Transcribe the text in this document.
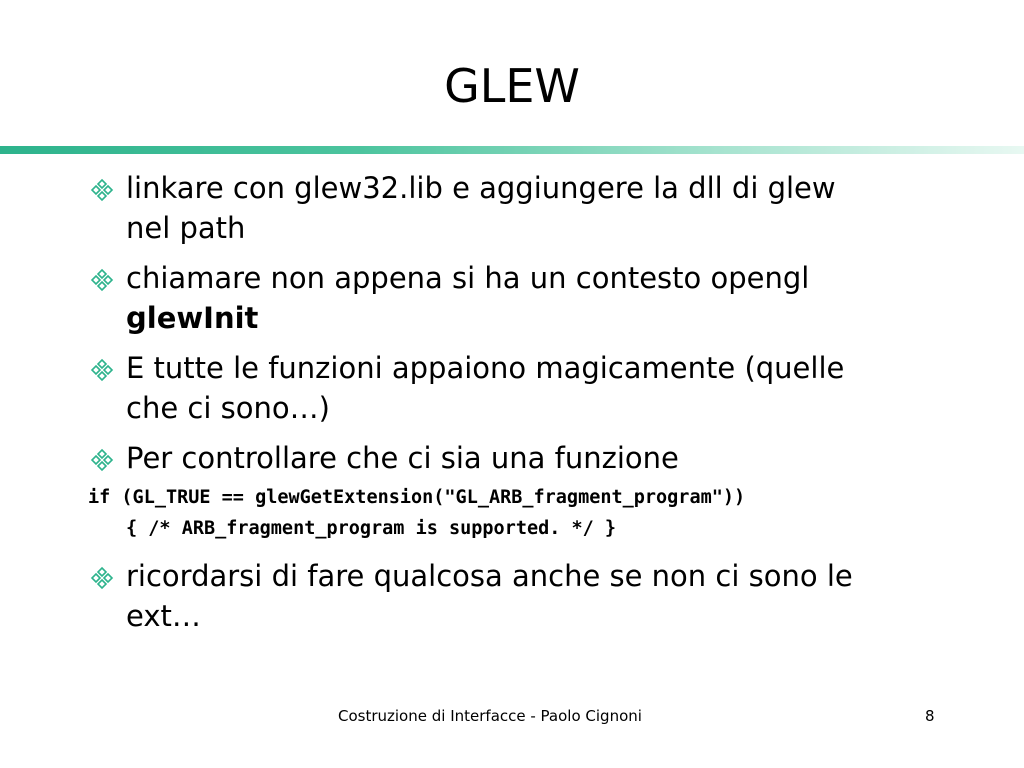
GLEW
linkare con glew32.lib e aggiungere la dll di glew
nel path
chiamare non appena si ha un contesto opengl
glewInit
E tutte le funzioni appaiono magicamente (quelle
che ci sono…)
Per controllare che ci sia una funzione
if (GL_TRUE == glewGetExtension("GL_ARB_fragment_program"))
{ /* ARB_fragment_program is supported. */ }
ricordarsi di fare qualcosa anche se non ci sono le
ext…
Costruzione di Interfacce - Paolo Cignoni	8
